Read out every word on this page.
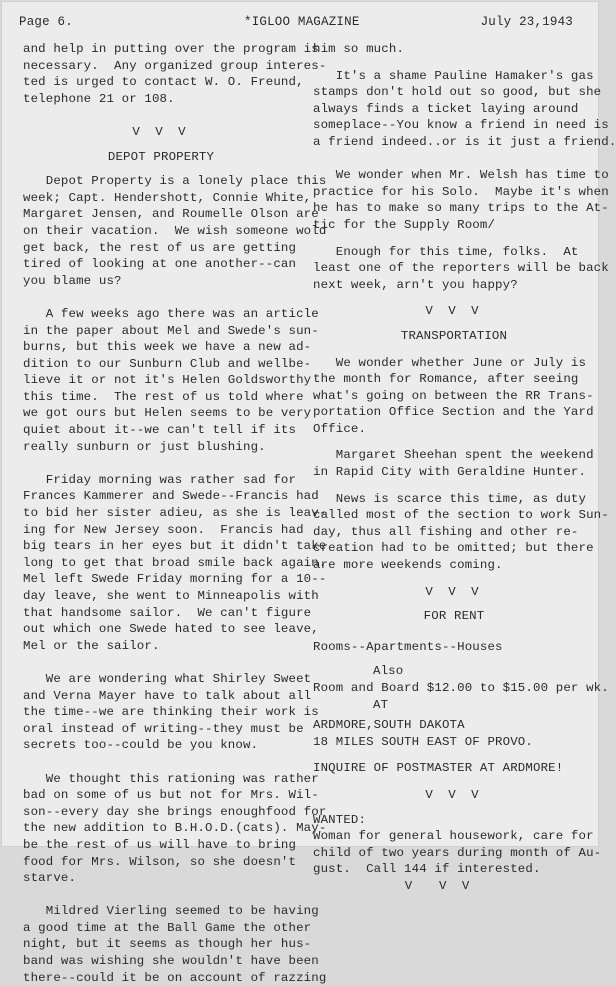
Page 6.	*IGLOO MAGAZINE	July 23,1943
and help in putting over the program is
necessary.  Any organized group interes-
ted is urged to contact W. O. Freund,
telephone 21 or 108.
V V V
DEPOT PROPERTY
Depot Property is a lonely place this
week; Capt. Hendershott, Connie White,
Margaret Jensen, and Roumelle Olson are
on their vacation.  We wish someone wold
get back, the rest of us are getting
tired of looking at one another--can
you blame us?
A few weeks ago there was an article
in the paper about Mel and Swede's sun-
burns, but this week we have a new ad-
dition to our Sunburn Club and wellbe-
lieve it or not it's Helen Goldsworthy
this time.  The rest of us told where
we got ours but Helen seems to be very
quiet about it--we can't tell if its
really sunburn or just blushing.
Friday morning was rather sad for
Frances Kammerer and Swede--Francis had
to bid her sister adieu, as she is leav-
ing for New Jersey soon.  Francis had
big tears in her eyes but it didn't take
long to get that broad smile back again.
Mel left Swede Friday morning for a 10--
day leave, she went to Minneapolis with
that handsome sailor.  We can't figure
out which one Swede hated to see leave,
Mel or the sailor.
We are wondering what Shirley Sweet
and Verna Mayer have to talk about all
the time--we are thinking their work is
oral instead of writing--they must be
secrets too--could be you know.
We thought this rationing was rather
bad on some of us but not for Mrs. Wil-
son--every day she brings enoughfood for
the new addition to B.H.O.D.(cats). May-
be the rest of us will have to bring
food for Mrs. Wilson, so she doesn't
starve.
Mildred Vierling seemed to be having
a good time at the Ball Game the other
night, but it seems as though her hus-
band was wishing she wouldn't have been
there--could it be on account of razzing
him so much.
It's a shame Pauline Hamaker's gas
stamps don't hold out so good, but she
always finds a ticket laying around
someplace--You know a friend in need is
a friend indeed..or is it just a friend.
We wonder when Mr. Welsh has time to
practice for his Solo.  Maybe it's when
he has to make so many trips to the At-
tic for the Supply Room/
Enough for this time, folks.  At
least one of the reporters will be back
next week, arn't you happy?
V V V
TRANSPORTATION
We wonder whether June or July is
the month for Romance, after seeing
what's going on between the RR Trans-
portation Office Section and the Yard
Office.
Margaret Sheehan spent the weekend
in Rapid City with Geraldine Hunter.
News is scarce this time, as duty
called most of the section to work Sun-
day, thus all fishing and other re-
creation had to be omitted; but there
are more weekends coming.
V V V
FOR RENT
Rooms--Apartments--Houses
Also
Room and Board $12.00 to $15.00 per wk.
AT
ARDMORE,SOUTH DAKOTA
18 MILES SOUTH EAST OF PROVO.
INQUIRE OF POSTMASTER AT ARDMORE!
V V V
WANTED:
Woman for general housework, care for
child of two years during month of Au-
gust.  Call 144 if interested.
V  V V
